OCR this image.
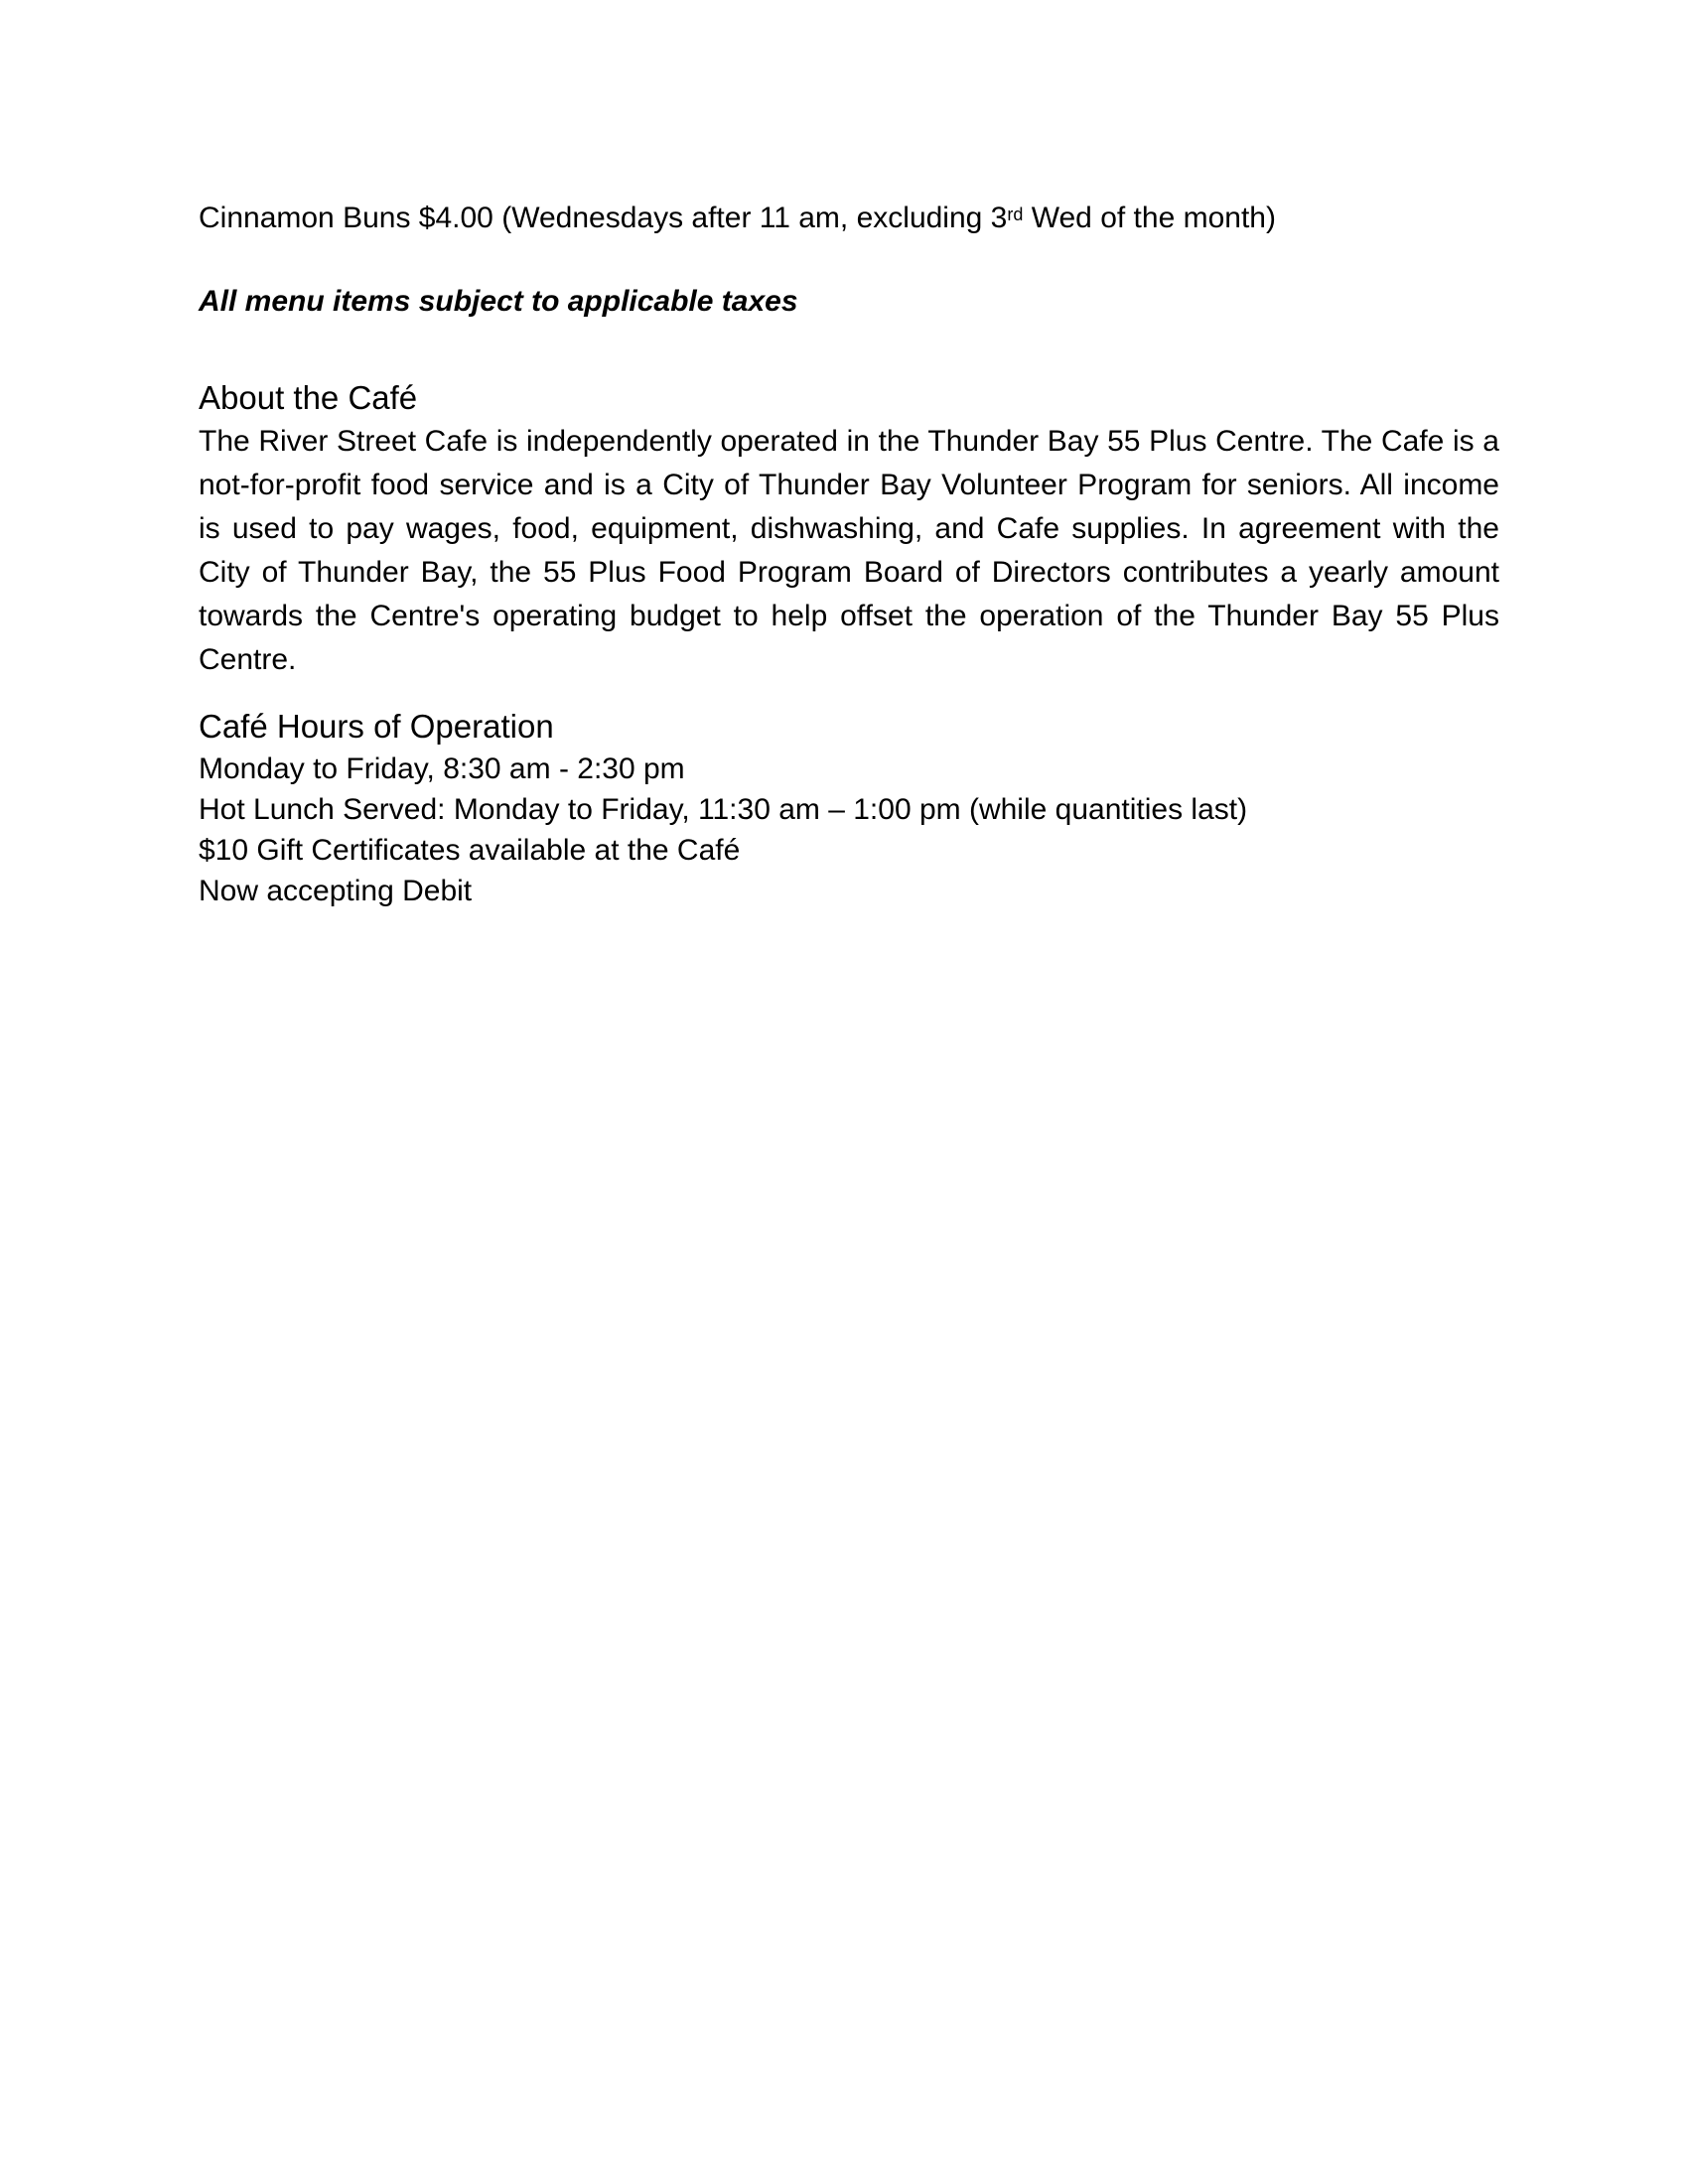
Cinnamon Buns $4.00 (Wednesdays after 11 am, excluding 3rd Wed of the month)

All menu items subject to applicable taxes

About the Café

The River Street Cafe is independently operated in the Thunder Bay 55 Plus Centre. The Cafe is a not-for-profit food service and is a City of Thunder Bay Volunteer Program for seniors. All income is used to pay wages, food, equipment, dishwashing, and Cafe supplies. In agreement with the City of Thunder Bay, the 55 Plus Food Program Board of Directors contributes a yearly amount towards the Centre's operating budget to help offset the operation of the Thunder Bay 55 Plus Centre.

Café Hours of Operation
Monday to Friday, 8:30 am - 2:30 pm
Hot Lunch Served: Monday to Friday, 11:30 am – 1:00 pm (while quantities last)
$10 Gift Certificates available at the Café
Now accepting Debit
